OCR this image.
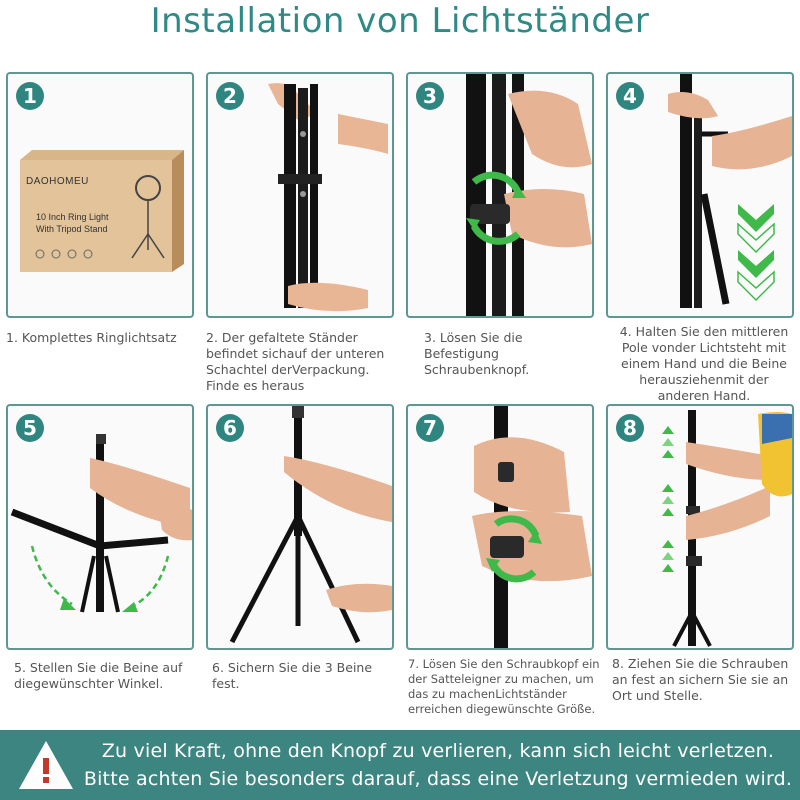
Installation von Lichtständer
1
DAOHOMEU
10 Inch Ring Light
With Tripod Stand
1. Komplettes Ringlichtsatz
2
2. Der gefaltete Ständer befindet sichauf der unteren Schachtel derVerpackung. Finde es heraus
3
3. Lösen Sie die Befestigung Schraubenknopf.
4
4. Halten Sie den mittleren Pole vonder Lichtsteht mit einem Hand und die Beine herausziehenmit der anderen Hand.
5
5. Stellen Sie die Beine auf diegewünschter Winkel.
6
6. Sichern Sie die 3 Beine fest.
7
7. Lösen Sie den Schraubkopf ein der Satteleigner zu machen, um das zu machenLichtständer erreichen diegewünschte Größe.
8
8. Ziehen Sie die Schrauben an fest an sichern Sie sie an Ort und Stelle.
Zu viel Kraft, ohne den Knopf zu verlieren, kann sich leicht verletzen.
Bitte achten Sie besonders darauf, dass eine Verletzung vermieden wird.
